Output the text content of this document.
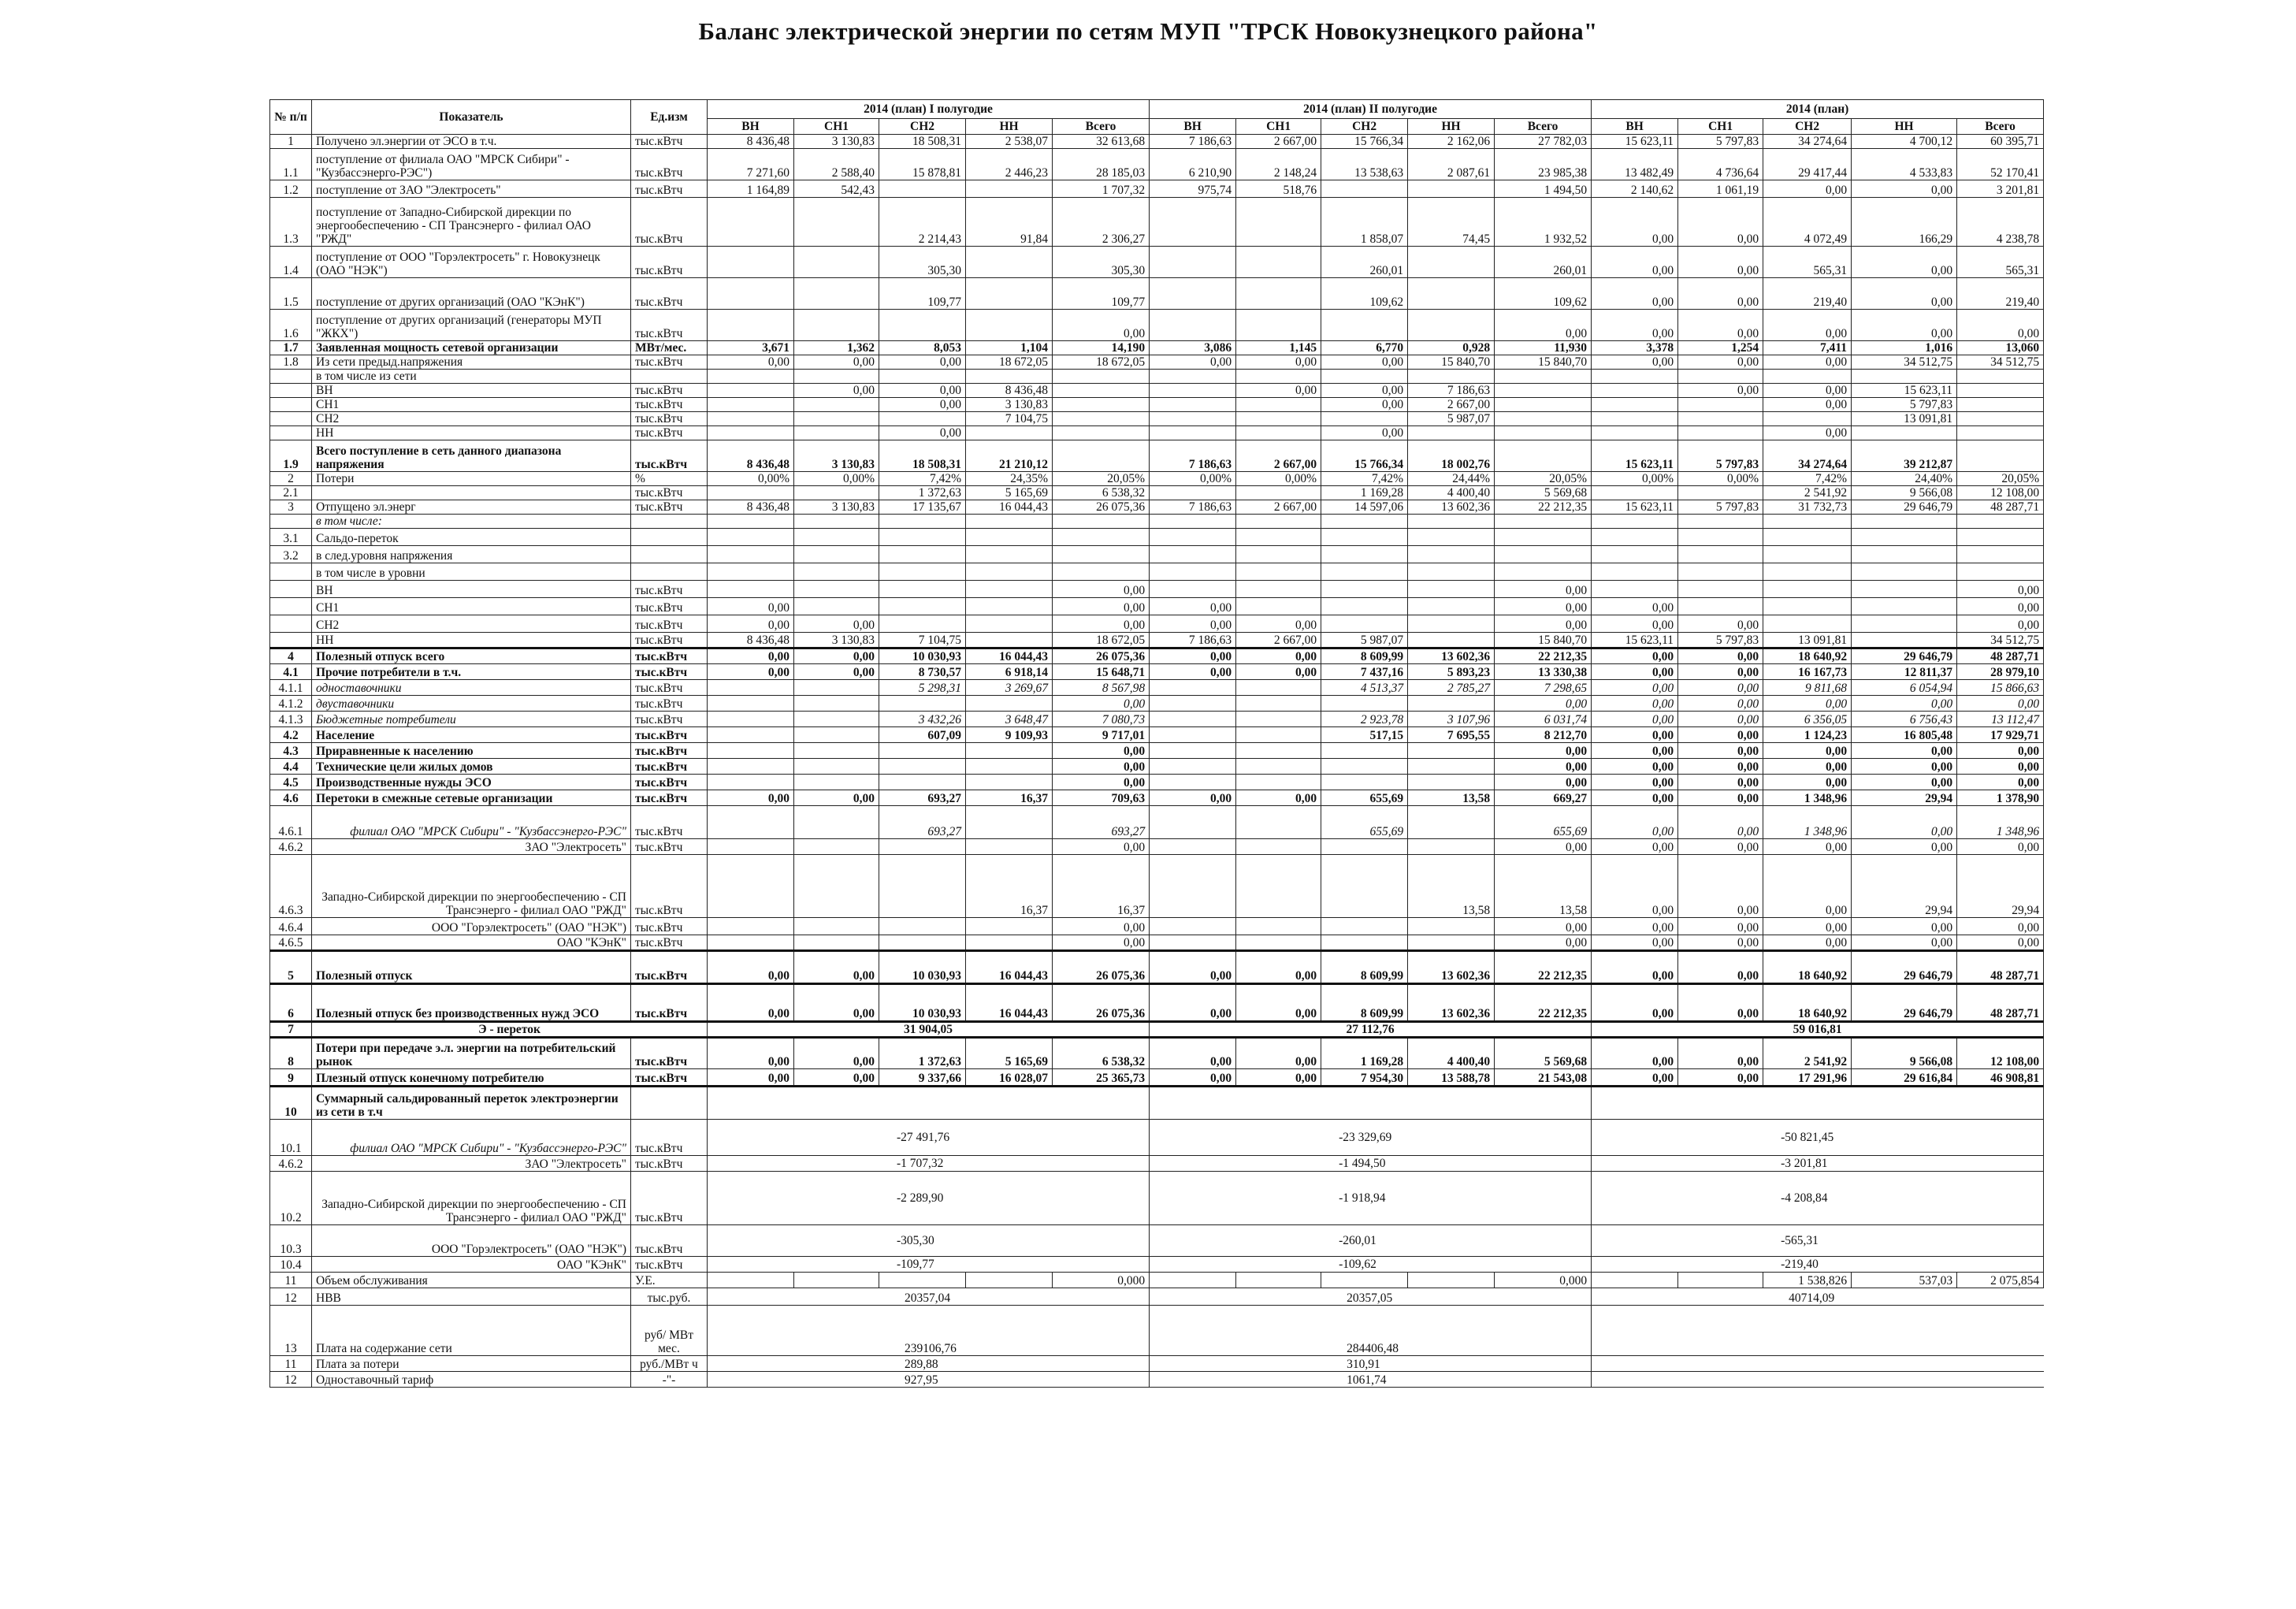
Баланс электрической энергии по сетям МУП "ТРСК Новокузнецкого района"
№ п/п	Показатель	Ед.изм	2014 (план) I полугодие					2014 (план) II полугодие					2014 (план)				
			ВН	СН1	СН2	НН	Всего	ВН	СН1	СН2	НН	Всего	ВН	СН1	СН2	НН	Всего
1	Получено эл.энергии от ЭСО в т.ч.	тыс.кВтч	8 436,48	3 130,83	18 508,31	2 538,07	32 613,68	7 186,63	2 667,00	15 766,34	2 162,06	27 782,03	15 623,11	5 797,83	34 274,64	4 700,12	60 395,71
1.1	поступление от филиала ОАО "МРСК Сибири" - "Кузбассэнерго-РЭС")	тыс.кВтч	7 271,60	2 588,40	15 878,81	2 446,23	28 185,03	6 210,90	2 148,24	13 538,63	2 087,61	23 985,38	13 482,49	4 736,64	29 417,44	4 533,83	52 170,41
1.2	поступление от ЗАО "Электросеть"	тыс.кВтч	1 164,89	542,43			1 707,32	975,74	518,76			1 494,50	2 140,62	1 061,19	0,00	0,00	3 201,81
1.3	поступление от Западно-Сибирской дирекции по энергообеспечению - СП Трансэнерго - филиал ОАО "РЖД"	тыс.кВтч			2 214,43	91,84	2 306,27			1 858,07	74,45	1 932,52	0,00	0,00	4 072,49	166,29	4 238,78
1.4	поступление от ООО "Горэлектросеть" г. Новокузнецк (ОАО "НЭК")	тыс.кВтч			305,30		305,30			260,01		260,01	0,00	0,00	565,31	0,00	565,31
1.5	поступление от других организаций (ОАО "КЭнК")	тыс.кВтч			109,77		109,77			109,62		109,62	0,00	0,00	219,40	0,00	219,40
1.6	поступление от других организаций (генераторы МУП "ЖКХ")	тыс.кВтч					0,00					0,00	0,00	0,00	0,00	0,00	0,00
1.7	Заявленная мощность сетевой организации	МВт/мес.	3,671	1,362	8,053	1,104	14,190	3,086	1,145	6,770	0,928	11,930	3,378	1,254	7,411	1,016	13,060
1.8	Из сети предыд.напряжения	тыс.кВтч	0,00	0,00	0,00	18 672,05	18 672,05	0,00	0,00	0,00	15 840,70	15 840,70	0,00	0,00	0,00	34 512,75	34 512,75
	в том числе из сети																
	ВН	тыс.кВтч		0,00	0,00	8 436,48			0,00	0,00	7 186,63			0,00	0,00	15 623,11	
	СН1	тыс.кВтч			0,00	3 130,83				0,00	2 667,00				0,00	5 797,83	
	СН2	тыс.кВтч				7 104,75					5 987,07					13 091,81	
	НН	тыс.кВтч			0,00					0,00					0,00		
1.9	Всего поступление в сеть данного диапазона напряжения	тыс.кВтч	8 436,48	3 130,83	18 508,31	21 210,12		7 186,63	2 667,00	15 766,34	18 002,76		15 623,11	5 797,83	34 274,64	39 212,87	
2	Потери	%	0,00%	0,00%	7,42%	24,35%	20,05%	0,00%	0,00%	7,42%	24,44%	20,05%	0,00%	0,00%	7,42%	24,40%	20,05%
2.1		тыс.кВтч			1 372,63	5 165,69	6 538,32			1 169,28	4 400,40	5 569,68			2 541,92	9 566,08	12 108,00
3	Отпущено эл.энерг	тыс.кВтч	8 436,48	3 130,83	17 135,67	16 044,43	26 075,36	7 186,63	2 667,00	14 597,06	13 602,36	22 212,35	15 623,11	5 797,83	31 732,73	29 646,79	48 287,71
	в том числе:																
3.1	Сальдо-переток																
3.2	в след.уровня напряжения																
	в том числе в уровни																
	ВН	тыс.кВтч					0,00					0,00					0,00
	СН1	тыс.кВтч	0,00				0,00	0,00				0,00	0,00				0,00
	СН2	тыс.кВтч	0,00	0,00			0,00	0,00	0,00			0,00	0,00	0,00			0,00
	НН	тыс.кВтч	8 436,48	3 130,83	7 104,75		18 672,05	7 186,63	2 667,00	5 987,07		15 840,70	15 623,11	5 797,83	13 091,81		34 512,75
4	Полезный отпуск всего	тыс.кВтч	0,00	0,00	10 030,93	16 044,43	26 075,36	0,00	0,00	8 609,99	13 602,36	22 212,35	0,00	0,00	18 640,92	29 646,79	48 287,71
4.1	Прочие потребители в т.ч.	тыс.кВтч	0,00	0,00	8 730,57	6 918,14	15 648,71	0,00	0,00	7 437,16	5 893,23	13 330,38	0,00	0,00	16 167,73	12 811,37	28 979,10
4.1.1	одноставочники	тыс.кВтч			5 298,31	3 269,67	8 567,98			4 513,37	2 785,27	7 298,65	0,00	0,00	9 811,68	6 054,94	15 866,63
4.1.2	двуставочники	тыс.кВтч					0,00					0,00	0,00	0,00	0,00	0,00	0,00
4.1.3	Бюджетные потребители	тыс.кВтч			3 432,26	3 648,47	7 080,73			2 923,78	3 107,96	6 031,74	0,00	0,00	6 356,05	6 756,43	13 112,47
4.2	Население	тыс.кВтч			607,09	9 109,93	9 717,01			517,15	7 695,55	8 212,70	0,00	0,00	1 124,23	16 805,48	17 929,71
4.3	Приравненные к населению	тыс.кВтч					0,00					0,00	0,00	0,00	0,00	0,00	0,00
4.4	Технические цели жилых домов	тыс.кВтч					0,00					0,00	0,00	0,00	0,00	0,00	0,00
4.5	Производственные нужды ЭСО	тыс.кВтч					0,00					0,00	0,00	0,00	0,00	0,00	0,00
4.6	Перетоки в смежные сетевые организации	тыс.кВтч	0,00	0,00	693,27	16,37	709,63	0,00	0,00	655,69	13,58	669,27	0,00	0,00	1 348,96	29,94	1 378,90
4.6.1	филиал ОАО "МРСК Сибири" - "Кузбассэнерго-РЭС"	тыс.кВтч			693,27		693,27			655,69		655,69	0,00	0,00	1 348,96	0,00	1 348,96
4.6.2	ЗАО "Электросеть"	тыс.кВтч					0,00					0,00	0,00	0,00	0,00	0,00	0,00
4.6.3	Западно-Сибирской дирекции по энергообеспечению - СП Трансэнерго - филиал ОАО "РЖД"	тыс.кВтч				16,37	16,37				13,58	13,58	0,00	0,00	0,00	29,94	29,94
4.6.4	ООО "Горэлектросеть" (ОАО "НЭК")	тыс.кВтч					0,00					0,00	0,00	0,00	0,00	0,00	0,00
4.6.5	ОАО "КЭнК"	тыс.кВтч					0,00					0,00	0,00	0,00	0,00	0,00	0,00
5	Полезный отпуск	тыс.кВтч	0,00	0,00	10 030,93	16 044,43	26 075,36	0,00	0,00	8 609,99	13 602,36	22 212,35	0,00	0,00	18 640,92	29 646,79	48 287,71
6	Полезный отпуск без производственных нужд ЭСО	тыс.кВтч	0,00	0,00	10 030,93	16 044,43	26 075,36	0,00	0,00	8 609,99	13 602,36	22 212,35	0,00	0,00	18 640,92	29 646,79	48 287,71
7	Э - переток		31 904,05					27 112,76					59 016,81				
8	Потери при передаче э.л. энергии на потребительский рынок	тыс.кВтч	0,00	0,00	1 372,63	5 165,69	6 538,32	0,00	0,00	1 169,28	4 400,40	5 569,68	0,00	0,00	2 541,92	9 566,08	12 108,00
9	Плезный отпуск конечному потребителю	тыс.кВтч	0,00	0,00	9 337,66	16 028,07	25 365,73	0,00	0,00	7 954,30	13 588,78	21 543,08	0,00	0,00	17 291,96	29 616,84	46 908,81
10	Суммарный сальдированный переток электроэнергии из сети в т.ч																
10.1	филиал ОАО "МРСК Сибири" - "Кузбассэнерго-РЭС"	тыс.кВтч	-27 491,76					-23 329,69					-50 821,45				
4.6.2	ЗАО "Электросеть"	тыс.кВтч	-1 707,32					-1 494,50					-3 201,81				
10.2	Западно-Сибирской дирекции по энергообеспечению - СП Трансэнерго - филиал ОАО "РЖД"	тыс.кВтч	-2 289,90					-1 918,94					-4 208,84				
10.3	ООО "Горэлектросеть" (ОАО "НЭК")	тыс.кВтч	-305,30					-260,01					-565,31				
10.4	ОАО "КЭнК"	тыс.кВтч	-109,77					-109,62					-219,40				
11	Объем обслуживания	У.Е.					0,000					0,000			1 538,826	537,03	2 075,854
12	НВВ	тыс.руб.	20357,04					20357,05					40714,09				
13	Плата на содержание сети	руб/ МВт мес.	239106,76					284406,48									
11	Плата за потери	руб./МВт ч	289,88					310,91									
12	Одноставочный тариф	-"-	927,95					1061,74									
